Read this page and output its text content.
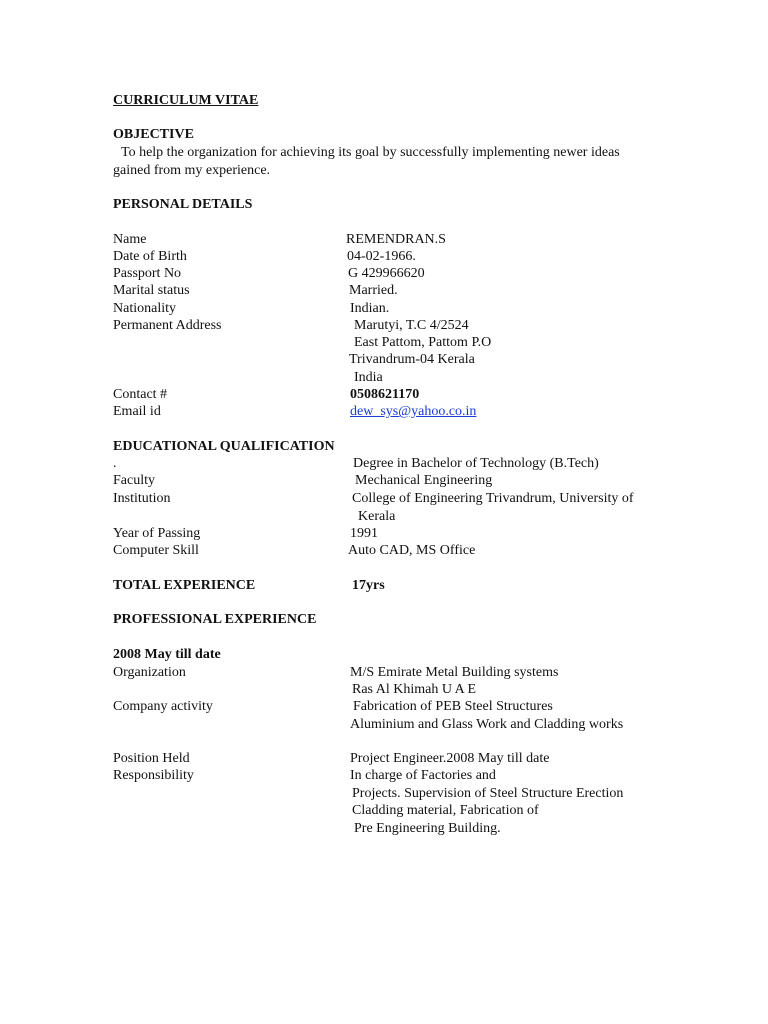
CURRICULUM VITAE
OBJECTIVE
To help the organization for achieving its goal by successfully implementing newer ideas
gained from my experience.
PERSONAL DETAILS
Name	REMENDRAN.S
Date of Birth	04-02-1966.
Passport No	G 429966620
Marital status	Married.
Nationality	Indian.
Permanent Address	Marutyi, T.C 4/2524
East Pattom, Pattom P.O
Trivandrum-04 Kerala
India
Contact #	0508621170
Email id	dew_sys@yahoo.co.in
EDUCATIONAL QUALIFICATION
.	Degree in Bachelor of Technology (B.Tech)
Faculty	Mechanical Engineering
Institution	College of Engineering Trivandrum, University of
Kerala
Year of Passing	1991
Computer Skill	Auto CAD, MS Office
TOTAL EXPERIENCE	17yrs
PROFESSIONAL EXPERIENCE
2008 May till date
Organization	M/S Emirate Metal Building systems
Ras Al Khimah U A E
Company activity	Fabrication of PEB Steel Structures
Aluminium and Glass Work and Cladding works
Position Held	Project Engineer.2008 May till date
Responsibility	In charge of Factories and
Projects. Supervision of Steel Structure Erection
Cladding material, Fabrication of
Pre Engineering Building.
